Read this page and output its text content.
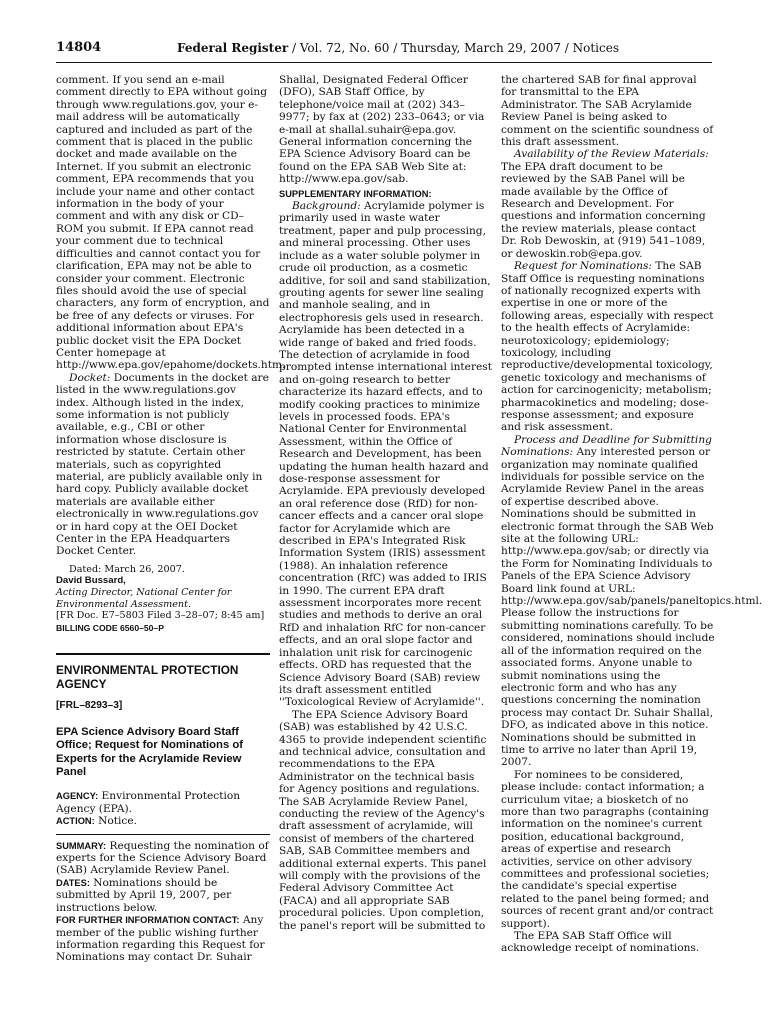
14804	Federal Register / Vol. 72, No. 60 / Thursday, March 29, 2007 / Notices

comment. If you send an e-mail comment directly to EPA without going through www.regulations.gov, your e-mail address will be automatically captured and included as part of the comment that is placed in the public docket and made available on the Internet. If you submit an electronic comment, EPA recommends that you include your name and other contact information in the body of your comment and with any disk or CD–ROM you submit. If EPA cannot read your comment due to technical difficulties and cannot contact you for clarification, EPA may not be able to consider your comment. Electronic files should avoid the use of special characters, any form of encryption, and be free of any defects or viruses. For additional information about EPA's public docket visit the EPA Docket Center homepage at http://www.epa.gov/epahome/dockets.htm.

Docket: Documents in the docket are listed in the www.regulations.gov index. Although listed in the index, some information is not publicly available, e.g., CBI or other information whose disclosure is restricted by statute. Certain other materials, such as copyrighted material, are publicly available only in hard copy. Publicly available docket materials are available either electronically in www.regulations.gov or in hard copy at the OEI Docket Center in the EPA Headquarters Docket Center.

Dated: March 26, 2007.

David Bussard,

Acting Director, National Center for Environmental Assessment.

[FR Doc. E7–5803 Filed 3–28–07; 8:45 am]

BILLING CODE 6560–50–P

ENVIRONMENTAL PROTECTION AGENCY
[FRL–8293–3]
EPA Science Advisory Board Staff Office; Request for Nominations of Experts for the Acrylamide Review Panel

AGENCY: Environmental Protection Agency (EPA).

ACTION: Notice.

SUMMARY: Requesting the nomination of experts for the Science Advisory Board (SAB) Acrylamide Review Panel.

DATES: Nominations should be submitted by April 19, 2007, per instructions below.

FOR FURTHER INFORMATION CONTACT: Any member of the public wishing further information regarding this Request for Nominations may contact Dr. Suhair

Shallal, Designated Federal Officer (DFO), SAB Staff Office, by telephone/voice mail at (202) 343–9977; by fax at (202) 233–0643; or via e-mail at shallal.suhair@epa.gov. General information concerning the EPA Science Advisory Board can be found on the EPA SAB Web Site at: http://www.epa.gov/sab.

SUPPLEMENTARY INFORMATION:

Background: Acrylamide polymer is primarily used in waste water treatment, paper and pulp processing, and mineral processing. Other uses include as a water soluble polymer in crude oil production, as a cosmetic additive, for soil and sand stabilization, grouting agents for sewer line sealing and manhole sealing, and in electrophoresis gels used in research. Acrylamide has been detected in a wide range of baked and fried foods. The detection of acrylamide in food prompted intense international interest and on-going research to better characterize its hazard effects, and to modify cooking practices to minimize levels in processed foods. EPA's National Center for Environmental Assessment, within the Office of Research and Development, has been updating the human health hazard and dose-response assessment for Acrylamide. EPA previously developed an oral reference dose (RfD) for non-cancer effects and a cancer oral slope factor for Acrylamide which are described in EPA's Integrated Risk Information System (IRIS) assessment (1988). An inhalation reference concentration (RfC) was added to IRIS in 1990. The current EPA draft assessment incorporates more recent studies and methods to derive an oral RfD and inhalation RfC for non-cancer effects, and an oral slope factor and inhalation unit risk for carcinogenic effects. ORD has requested that the Science Advisory Board (SAB) review its draft assessment entitled ''Toxicological Review of Acrylamide''.

The EPA Science Advisory Board (SAB) was established by 42 U.S.C. 4365 to provide independent scientific and technical advice, consultation and recommendations to the EPA Administrator on the technical basis for Agency positions and regulations. The SAB Acrylamide Review Panel, conducting the review of the Agency's draft assessment of acrylamide, will consist of members of the chartered SAB, SAB Committee members and additional external experts. This panel will comply with the provisions of the Federal Advisory Committee Act (FACA) and all appropriate SAB procedural policies. Upon completion, the panel's report will be submitted to

the chartered SAB for final approval for transmittal to the EPA Administrator. The SAB Acrylamide Review Panel is being asked to comment on the scientific soundness of this draft assessment.

Availability of the Review Materials: The EPA draft document to be reviewed by the SAB Panel will be made available by the Office of Research and Development. For questions and information concerning the review materials, please contact Dr. Rob Dewoskin, at (919) 541–1089, or dewoskin.rob@epa.gov.

Request for Nominations: The SAB Staff Office is requesting nominations of nationally recognized experts with expertise in one or more of the following areas, especially with respect to the health effects of Acrylamide: neurotoxicology; epidemiology; toxicology, including reproductive/developmental toxicology, genetic toxicology and mechanisms of action for carcinogenicity; metabolism; pharmacokinetics and modeling; dose-response assessment; and exposure and risk assessment.

Process and Deadline for Submitting Nominations: Any interested person or organization may nominate qualified individuals for possible service on the Acrylamide Review Panel in the areas of expertise described above. Nominations should be submitted in electronic format through the SAB Web site at the following URL: http://www.epa.gov/sab; or directly via the Form for Nominating Individuals to Panels of the EPA Science Advisory Board link found at URL: http://www.epa.gov/sab/panels/paneltopics.html. Please follow the instructions for submitting nominations carefully. To be considered, nominations should include all of the information required on the associated forms. Anyone unable to submit nominations using the electronic form and who has any questions concerning the nomination process may contact Dr. Suhair Shallal, DFO, as indicated above in this notice. Nominations should be submitted in time to arrive no later than April 19, 2007.

For nominees to be considered, please include: contact information; a curriculum vitae; a biosketch of no more than two paragraphs (containing information on the nominee's current position, educational background, areas of expertise and research activities, service on other advisory committees and professional societies; the candidate's special expertise related to the panel being formed; and sources of recent grant and/or contract support).

The EPA SAB Staff Office will acknowledge receipt of nominations.
